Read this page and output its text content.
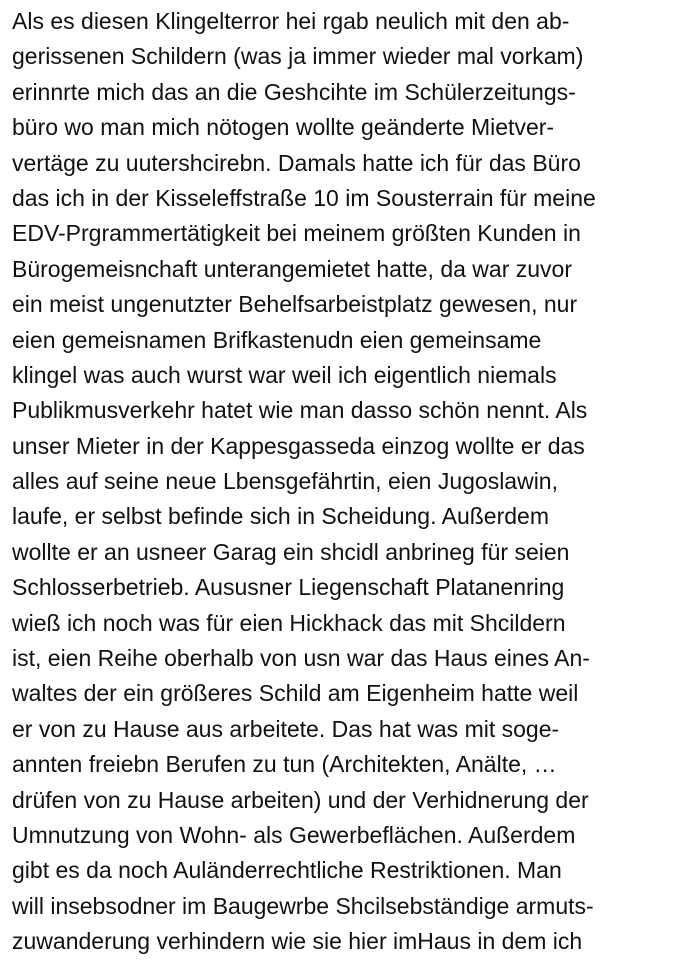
Als es diesen Klingelterror hei rgab neulich mit den ab-
gerissenen Schildern (was ja immer wieder mal vorkam)
erinnrte mich das an die Geshcihte im Schülerzeitungs-
büro wo man mich nötogen wollte geänderte Mietver-
vertäge zu uutershcirebn. Damals hatte ich für das Büro
das ich in der Kisseleffstraße 10 im Sousterrain für meine
EDV-Prgrammertätigkeit bei meinem größten Kunden in
Bürogemeisnchaft unterangemietet hatte, da war zuvor
ein meist ungenutzter Behelfsarbeistplatz gewesen, nur
eien gemeisnamen Brifkastenudn eien gemeinsame
klingel was auch wurst war weil ich eigentlich niemals
Publikmusverkehr hatet wie man dasso schön nennt. Als
unser Mieter in der Kappesgasseda einzog wollte er das
alles auf seine neue Lbensgefährtin, eien Jugoslawin,
laufe, er selbst befinde sich in Scheidung. Außerdem
wollte er an usneer Garag ein shcidl anbrineg für seien
Schlosserbetrieb. Aususner Liegenschaft Platanenring
wieß ich noch was für eien Hickhack das mit Shcildern
ist, eien Reihe oberhalb von usn war das Haus eines An-
waltes der ein größeres Schild am Eigenheim hatte weil
er von zu Hause aus arbeitete. Das hat was mit soge-
annten freiebn Berufen zu tun (Architekten, Anälte, …
drüfen von zu Hause arbeiten) und der Verhidnerung der
Umnutzung von Wohn- als Gewerbeflächen. Außerdem
gibt es da noch Auländerrechtliche Restriktionen. Man
will insebsodner im Baugewrbe Shcilsebständige armuts-
zuwanderung verhindern wie sie hier imHaus in dem ich
